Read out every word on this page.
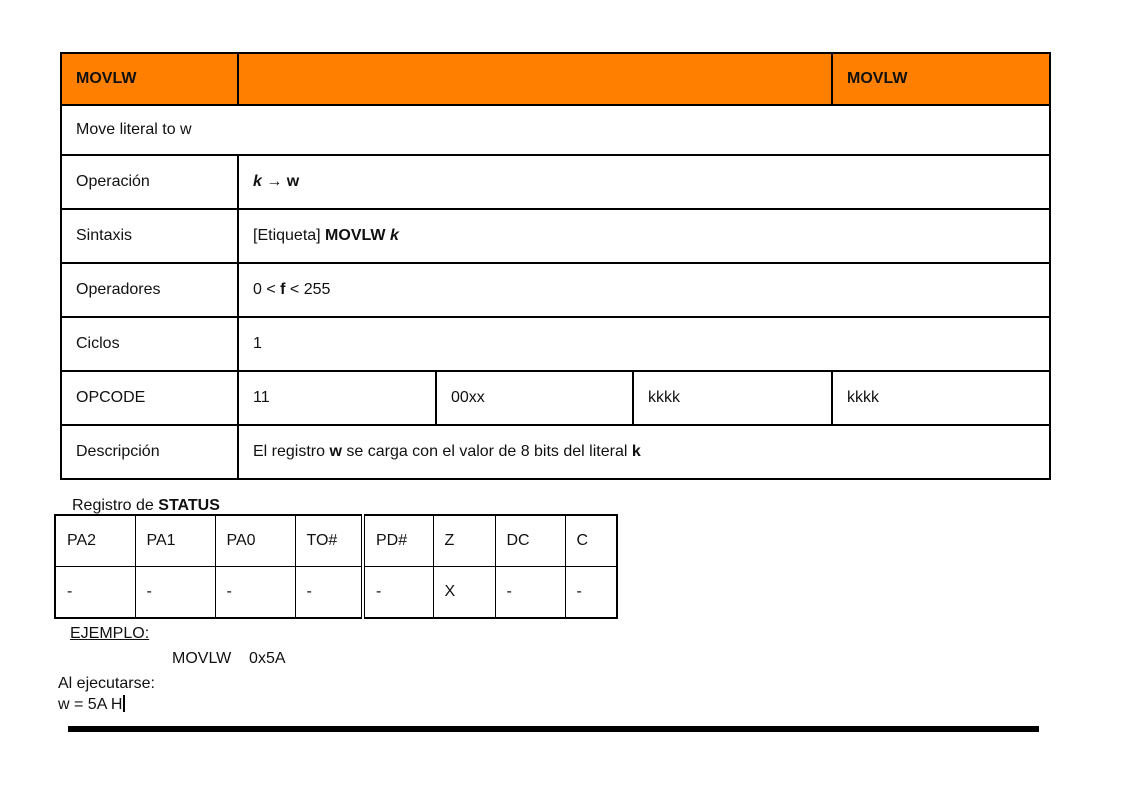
MOVLW				MOVLW
Move literal to w				
Operación	k → w			
Sintaxis	[Etiqueta] MOVLW k			
Operadores	0 < f < 255			
Ciclos	1			
OPCODE	11	00xx	kkkk	kkkk
Descripción	El registro w se carga con el valor de 8 bits del literal k			
Registro de STATUS
PA2	PA1	PA0	TO#	PD#	Z	DC	C
-	-	-	-	-	X	-	-
EJEMPLO:
MOVLW    0x5A
Al ejecutarse:
w = 5A H
